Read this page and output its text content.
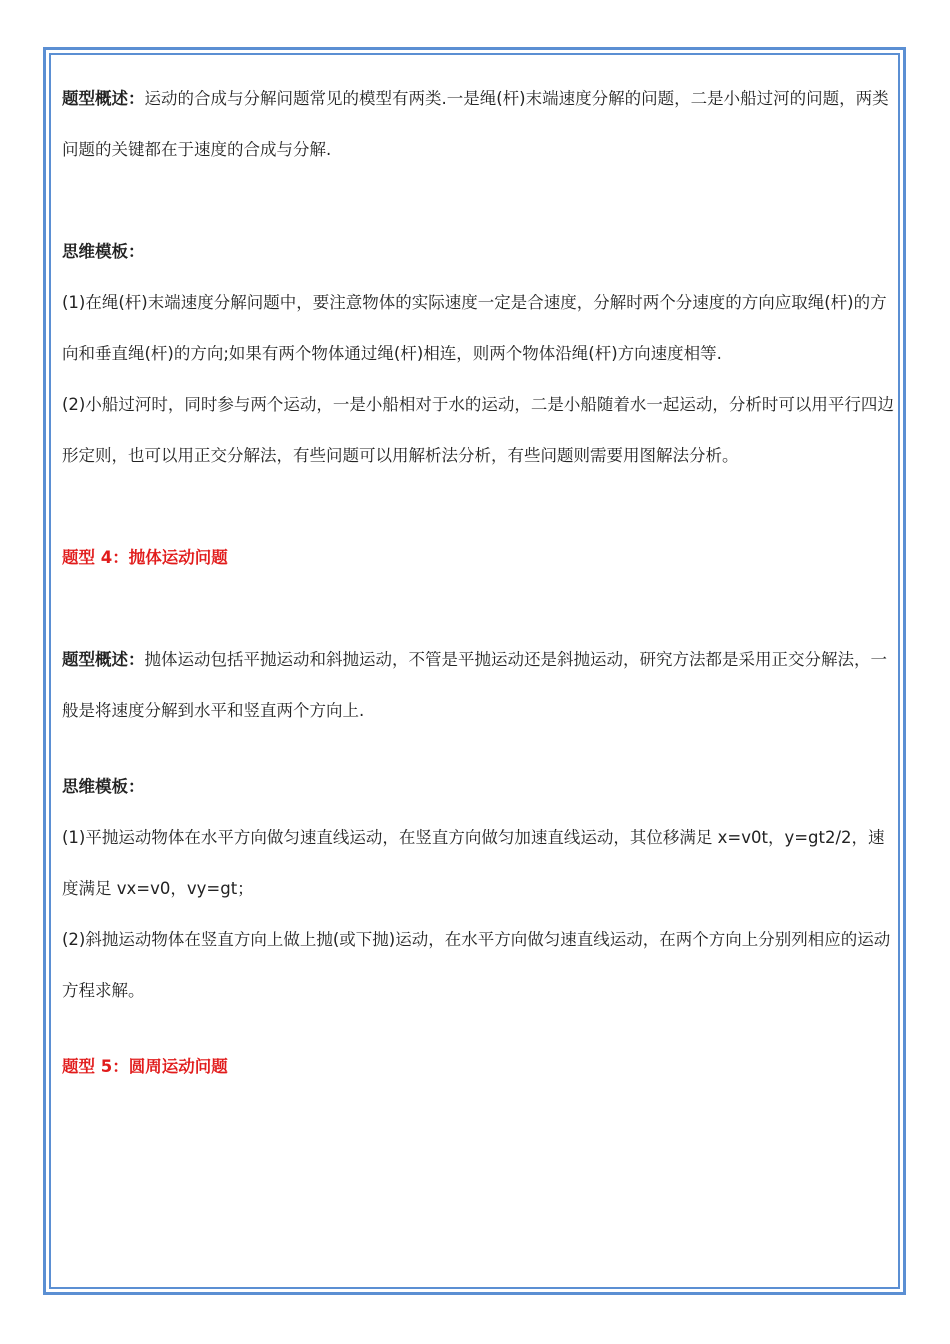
题型概述：运动的合成与分解问题常见的模型有两类.一是绳(杆)末端速度分解的问题，二是小船过河的问题，两类问题的关键都在于速度的合成与分解.

思维模板：

(1)在绳(杆)末端速度分解问题中，要注意物体的实际速度一定是合速度，分解时两个分速度的方向应取绳(杆)的方向和垂直绳(杆)的方向;如果有两个物体通过绳(杆)相连，则两个物体沿绳(杆)方向速度相等.

(2)小船过河时，同时参与两个运动，一是小船相对于水的运动，二是小船随着水一起运动，分析时可以用平行四边形定则，也可以用正交分解法，有些问题可以用解析法分析，有些问题则需要用图解法分析。

题型 4：抛体运动问题

题型概述：抛体运动包括平抛运动和斜抛运动，不管是平抛运动还是斜抛运动，研究方法都是采用正交分解法，一般是将速度分解到水平和竖直两个方向上.

思维模板：

(1)平抛运动物体在水平方向做匀速直线运动，在竖直方向做匀加速直线运动，其位移满足 x=v0t，y=gt2/2，速度满足 vx=v0，vy=gt；

(2)斜抛运动物体在竖直方向上做上抛(或下抛)运动，在水平方向做匀速直线运动，在两个方向上分别列相应的运动方程求解。

题型 5：圆周运动问题
